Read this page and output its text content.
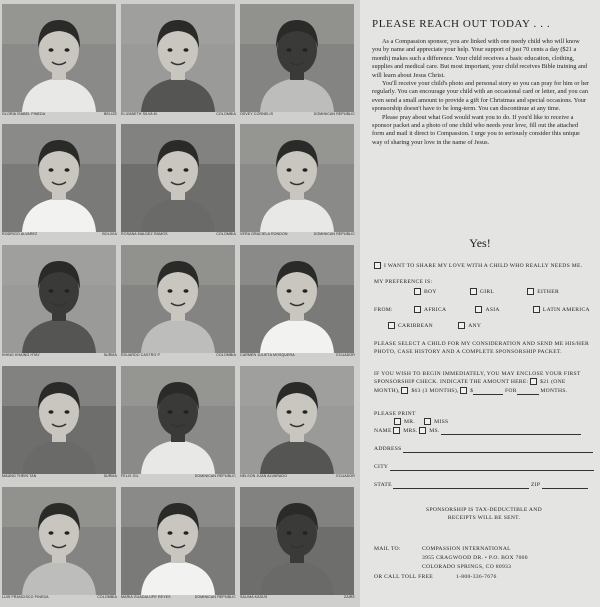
GLORIA ISABEL PINEDA	BELIZE ELIZABETH SILVA M.	COLOMBIA OSVEY CORNELIS	DOMINICAN REPUBLIC
RODRIGO ALVAREZ	BOLIVIA ROSANA MALDEZ RAMOS	COLOMBIA VERA GRACIELA RONDON	DOMINICAN REPUBLIC
KHING KHAING HTAY	BURMA EDUARDO CASTRO P.	COLOMBIA CARMEN JULIETA MOSQUERA	ECUADOR
MAUNG THEIN TAN	BURMA FELIX GIL	DOMINICAN REPUBLIC NELSON JUAN ALVARADO	ECUADOR
LUIS FRANCISCO PINEDA	COLOMBIA MARIA GUADALUPE REYES	DOMINICAN REPUBLIC SALIMA KASUS	ZAIRE
PLEASE REACH OUT TODAY . . .

As a Compassion sponsor, you are linked with one needy child who will know you by name and appreciate your help. Your support of just 70 cents a day ($21 a month) makes such a difference. Your child receives a basic education, clothing, supplies and medical care. But most important, your child receives Bible training and will learn about Jesus Christ.

You'll receive your child's photo and personal story so you can pray for him or her regularly. You can encourage your child with an occasional card or letter, and you can even send a small amount to provide a gift for Christmas and special occasions. Your sponsorship doesn't have to be long-term. You can discontinue at any time.

Please pray about what God would want you to do. If you'd like to receive a sponsor packet and a photo of one child who needs your love, fill out the attached form and mail it direct to Compassion. I urge you to seriously consider this unique way of sharing your love in the name of Jesus.

Yes!
I WANT TO SHARE MY LOVE WITH A CHILD WHO REALLY NEEDS ME.
MY PREFERENCE IS:
BOY	GIRL	EITHER
FROM:	AFRICA	ASIA	LATIN AMERICA
CARIBBEAN	ANY
PLEASE SELECT A CHILD FOR MY CONSIDERATION AND SEND ME HIS/HER PHOTO, CASE HISTORY AND A COMPLETE SPONSORSHIP PACKET.
IF YOU WISH TO BEGIN IMMEDIATELY, YOU MAY ENCLOSE YOUR FIRST SPONSORSHIP CHECK. INDICATE THE AMOUNT HERE: $21 (ONE MONTH), $63 (3 MONTHS), $	FOR	MONTHS.
PLEASE PRINT
MR.	MISS
NAME MRS. MS.
ADDRESS
CITY
STATE	ZIP
SPONSORSHIP IS TAX-DEDUCTIBLE AND RECEIPTS WILL BE SENT.
MAIL TO:	COMPASSION INTERNATIONAL
3955 CRAGWOOD DR. • P.O. BOX 7000
COLORADO SPRINGS, CO 80933
OR CALL TOLL FREE	1-800-336-7676
